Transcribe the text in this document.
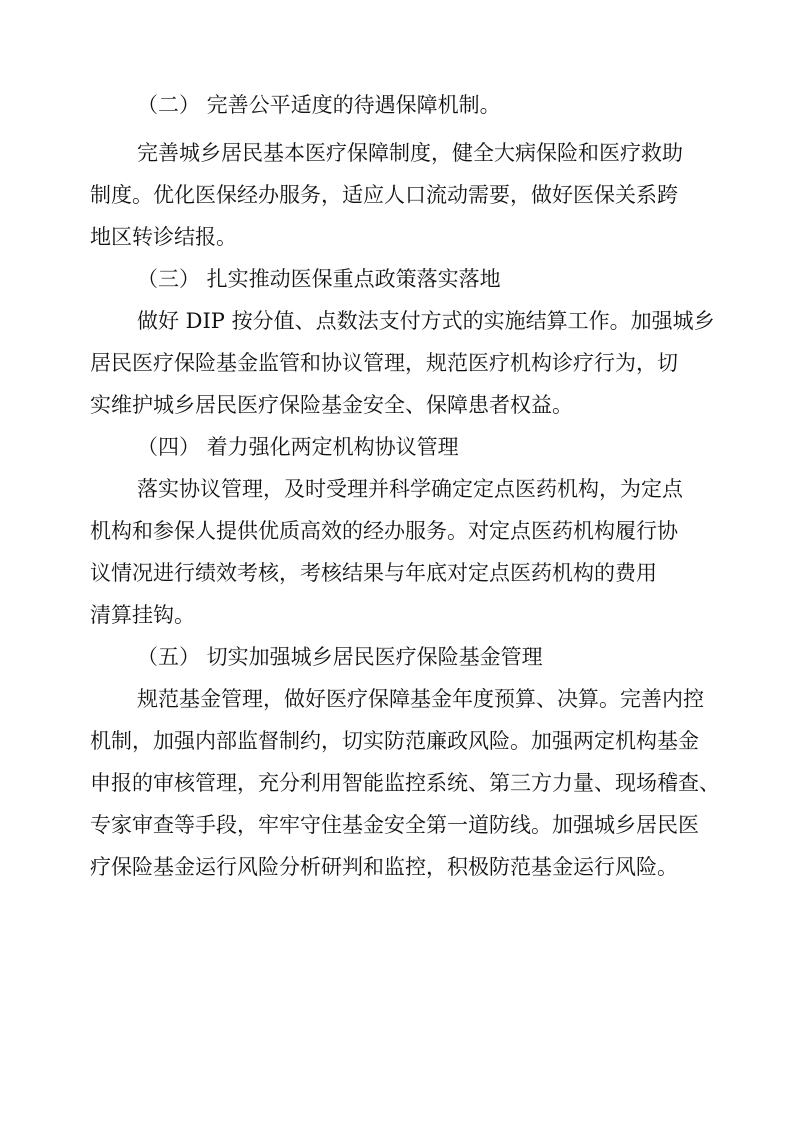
（二） 完善公平适度的待遇保障机制。
完善城乡居民基本医疗保障制度，健全大病保险和医疗救助
制度。优化医保经办服务，适应人口流动需要，做好医保关系跨
地区转诊结报。
（三） 扎实推动医保重点政策落实落地
做好 DIP 按分值、点数法支付方式的实施结算工作。加强城乡
居民医疗保险基金监管和协议管理，规范医疗机构诊疗行为，切
实维护城乡居民医疗保险基金安全、保障患者权益。
（四） 着力强化两定机构协议管理
落实协议管理，及时受理并科学确定定点医药机构，为定点
机构和参保人提供优质高效的经办服务。对定点医药机构履行协
议情况进行绩效考核，考核结果与年底对定点医药机构的费用
清算挂钩。
（五） 切实加强城乡居民医疗保险基金管理
规范基金管理，做好医疗保障基金年度预算、决算。完善内控
机制，加强内部监督制约，切实防范廉政风险。加强两定机构基金
申报的审核管理，充分利用智能监控系统、第三方力量、现场稽查、
专家审查等手段，牢牢守住基金安全第一道防线。加强城乡居民医
疗保险基金运行风险分析研判和监控，积极防范基金运行风险。
